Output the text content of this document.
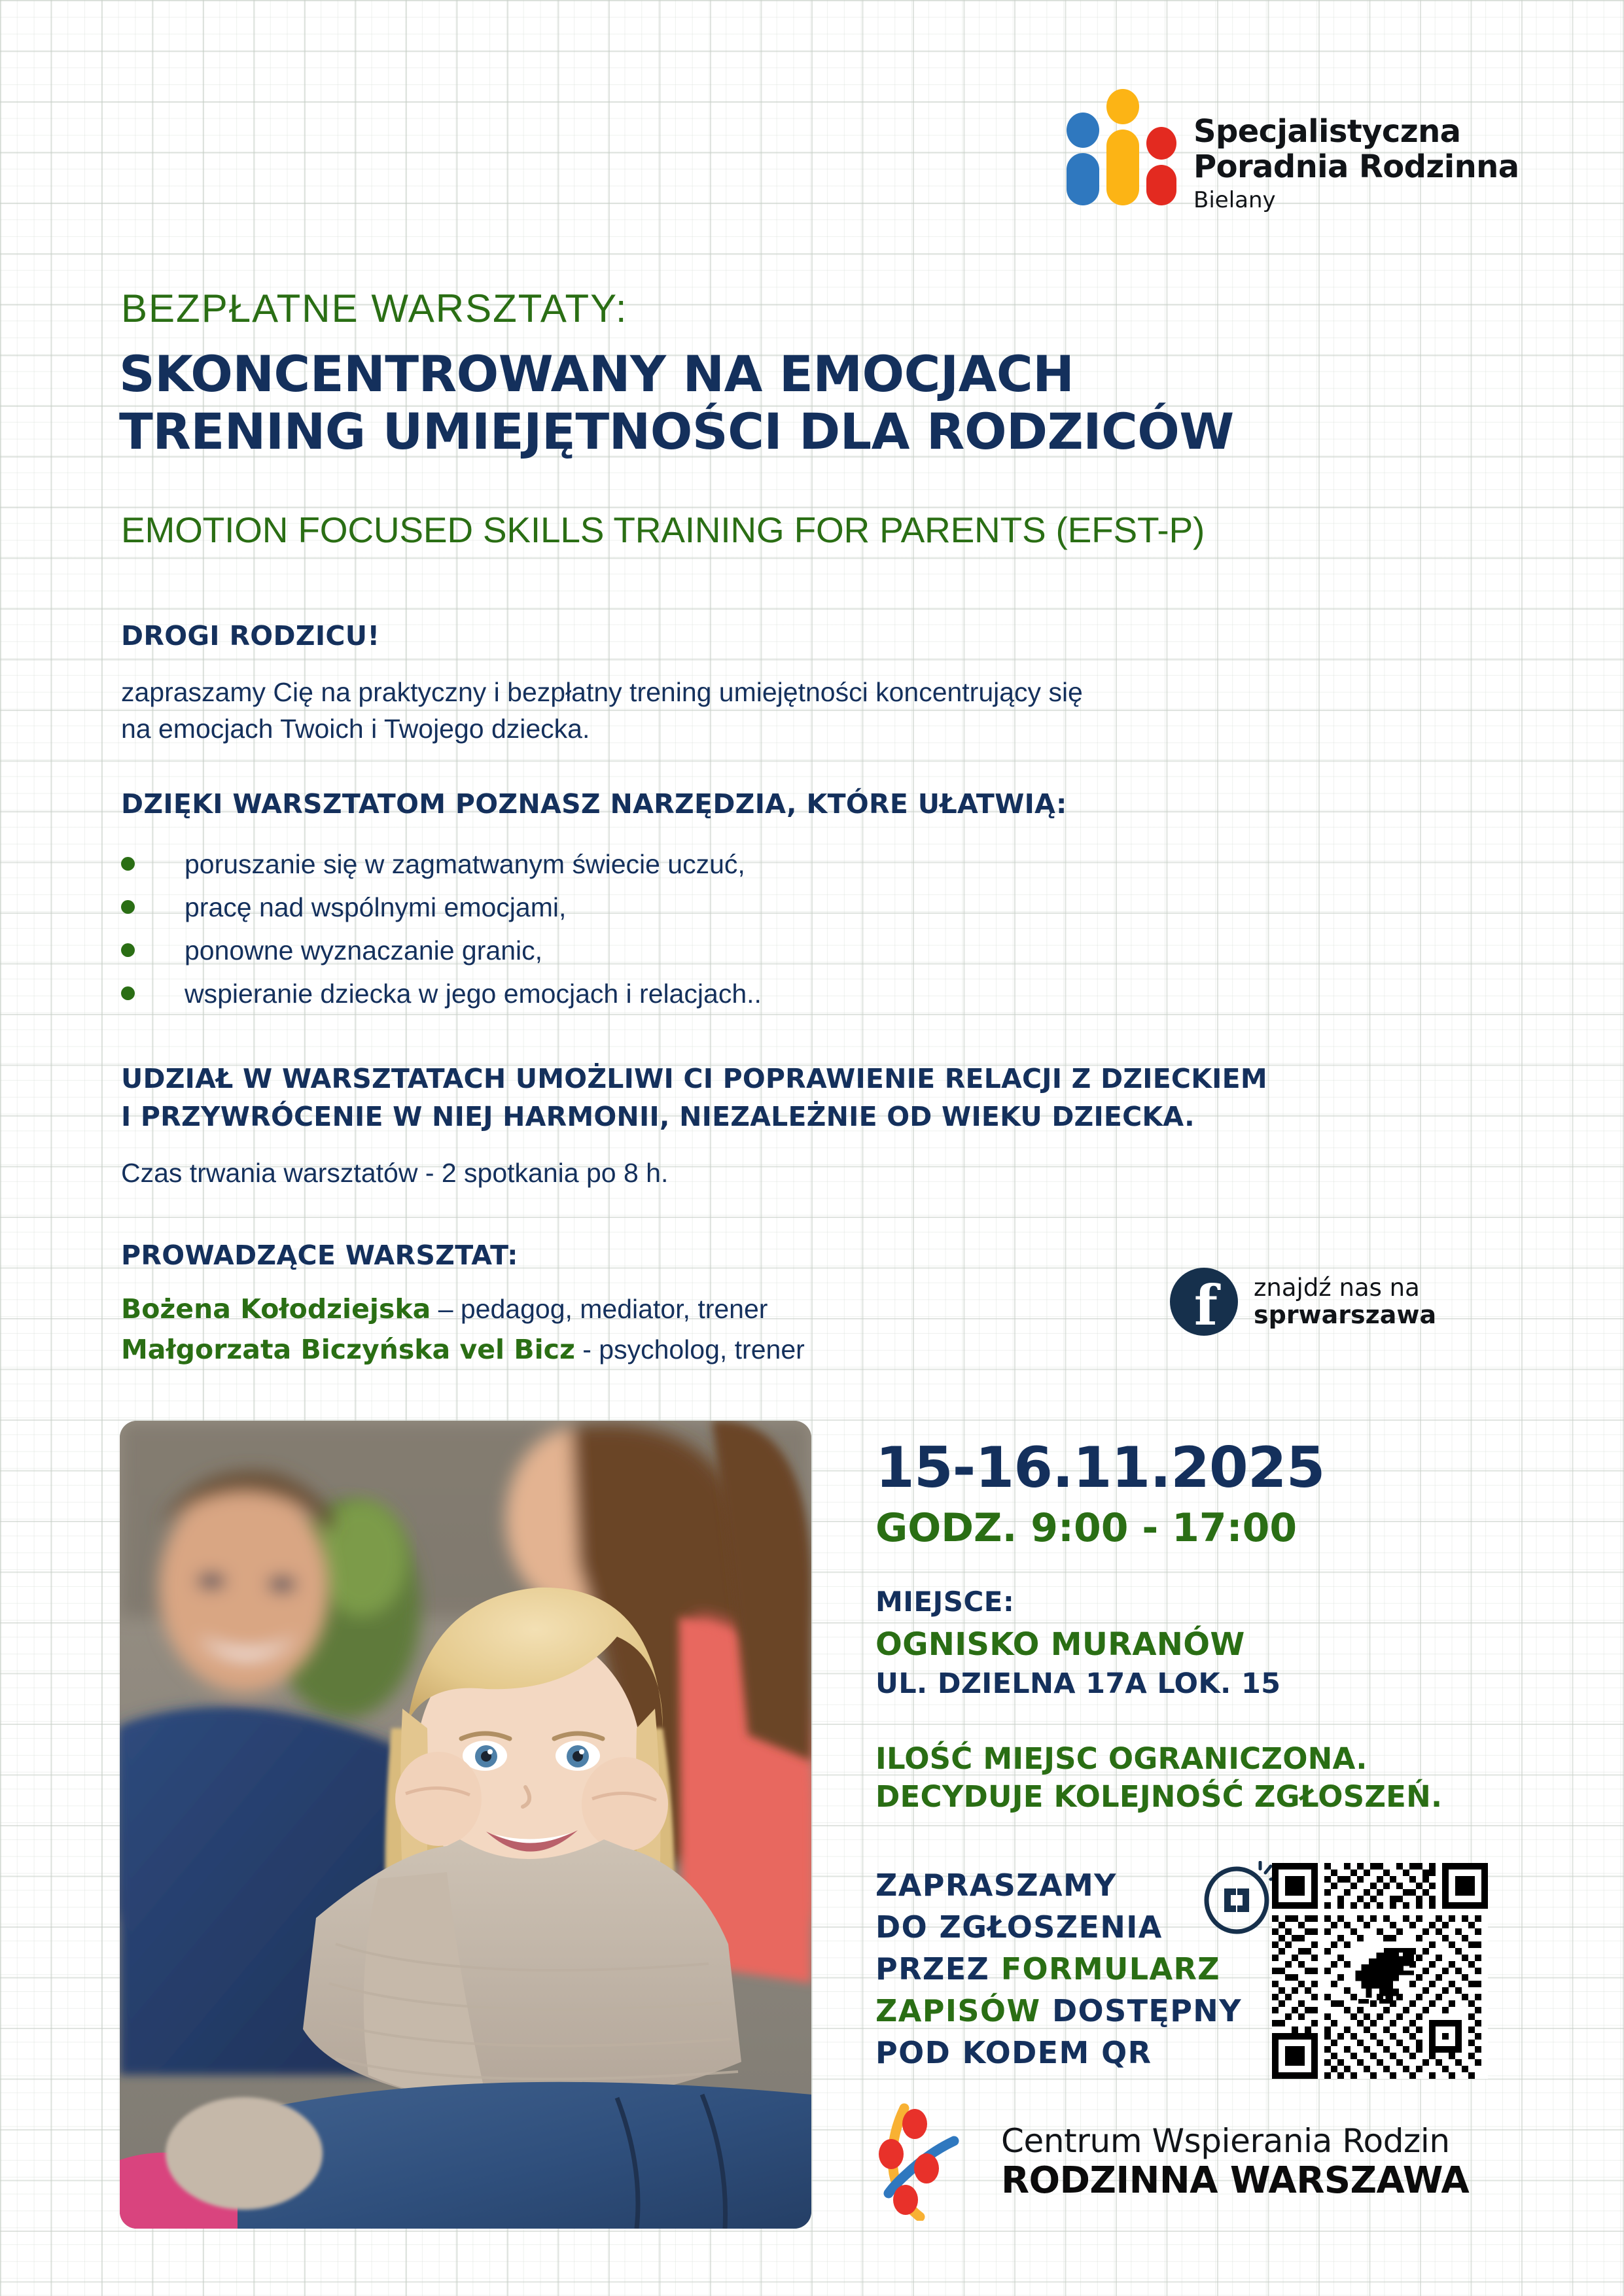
Specjalistyczna
Poradnia Rodzinna
Bielany
BEZPŁATNE WARSZTATY:
SKONCENTROWANY NA EMOCJACH
TRENING UMIEJĘTNOŚCI DLA RODZICÓW
EMOTION FOCUSED SKILLS TRAINING FOR PARENTS (EFST-P)
DROGI RODZICU!
zapraszamy Cię na praktyczny i bezpłatny trening umiejętności koncentrujący się
na emocjach Twoich i Twojego dziecka.
DZIĘKI WARSZTATOM POZNASZ NARZĘDZIA, KTÓRE UŁATWIĄ:
poruszanie się w zagmatwanym świecie uczuć,
pracę nad wspólnymi emocjami,
ponowne wyznaczanie granic,
wspieranie dziecka w jego emocjach i relacjach..
UDZIAŁ W WARSZTATACH UMOŻLIWI CI POPRAWIENIE RELACJI Z DZIECKIEM
I PRZYWRÓCENIE W NIEJ HARMONII, NIEZALEŻNIE OD WIEKU DZIECKA.
Czas trwania warsztatów - 2 spotkania po 8 h.
PROWADZĄCE WARSZTAT:
Bożena Kołodziejska – pedagog, mediator, trener
Małgorzata Biczyńska vel Bicz - psycholog, trener
f	znajdź nas na
sprwarszawa
15-16.11.2025
GODZ. 9:00 - 17:00
MIEJSCE:
OGNISKO MURANÓW
UL. DZIELNA 17A LOK. 15
ILOŚĆ MIEJSC OGRANICZONA.
DECYDUJE KOLEJNOŚĆ ZGŁOSZEŃ.
ZAPRASZAMY
DO ZGŁOSZENIA
PRZEZ FORMULARZ
ZAPISÓW DOSTĘPNY
POD KODEM QR
Centrum Wspierania Rodzin
RODZINNA WARSZAWA
